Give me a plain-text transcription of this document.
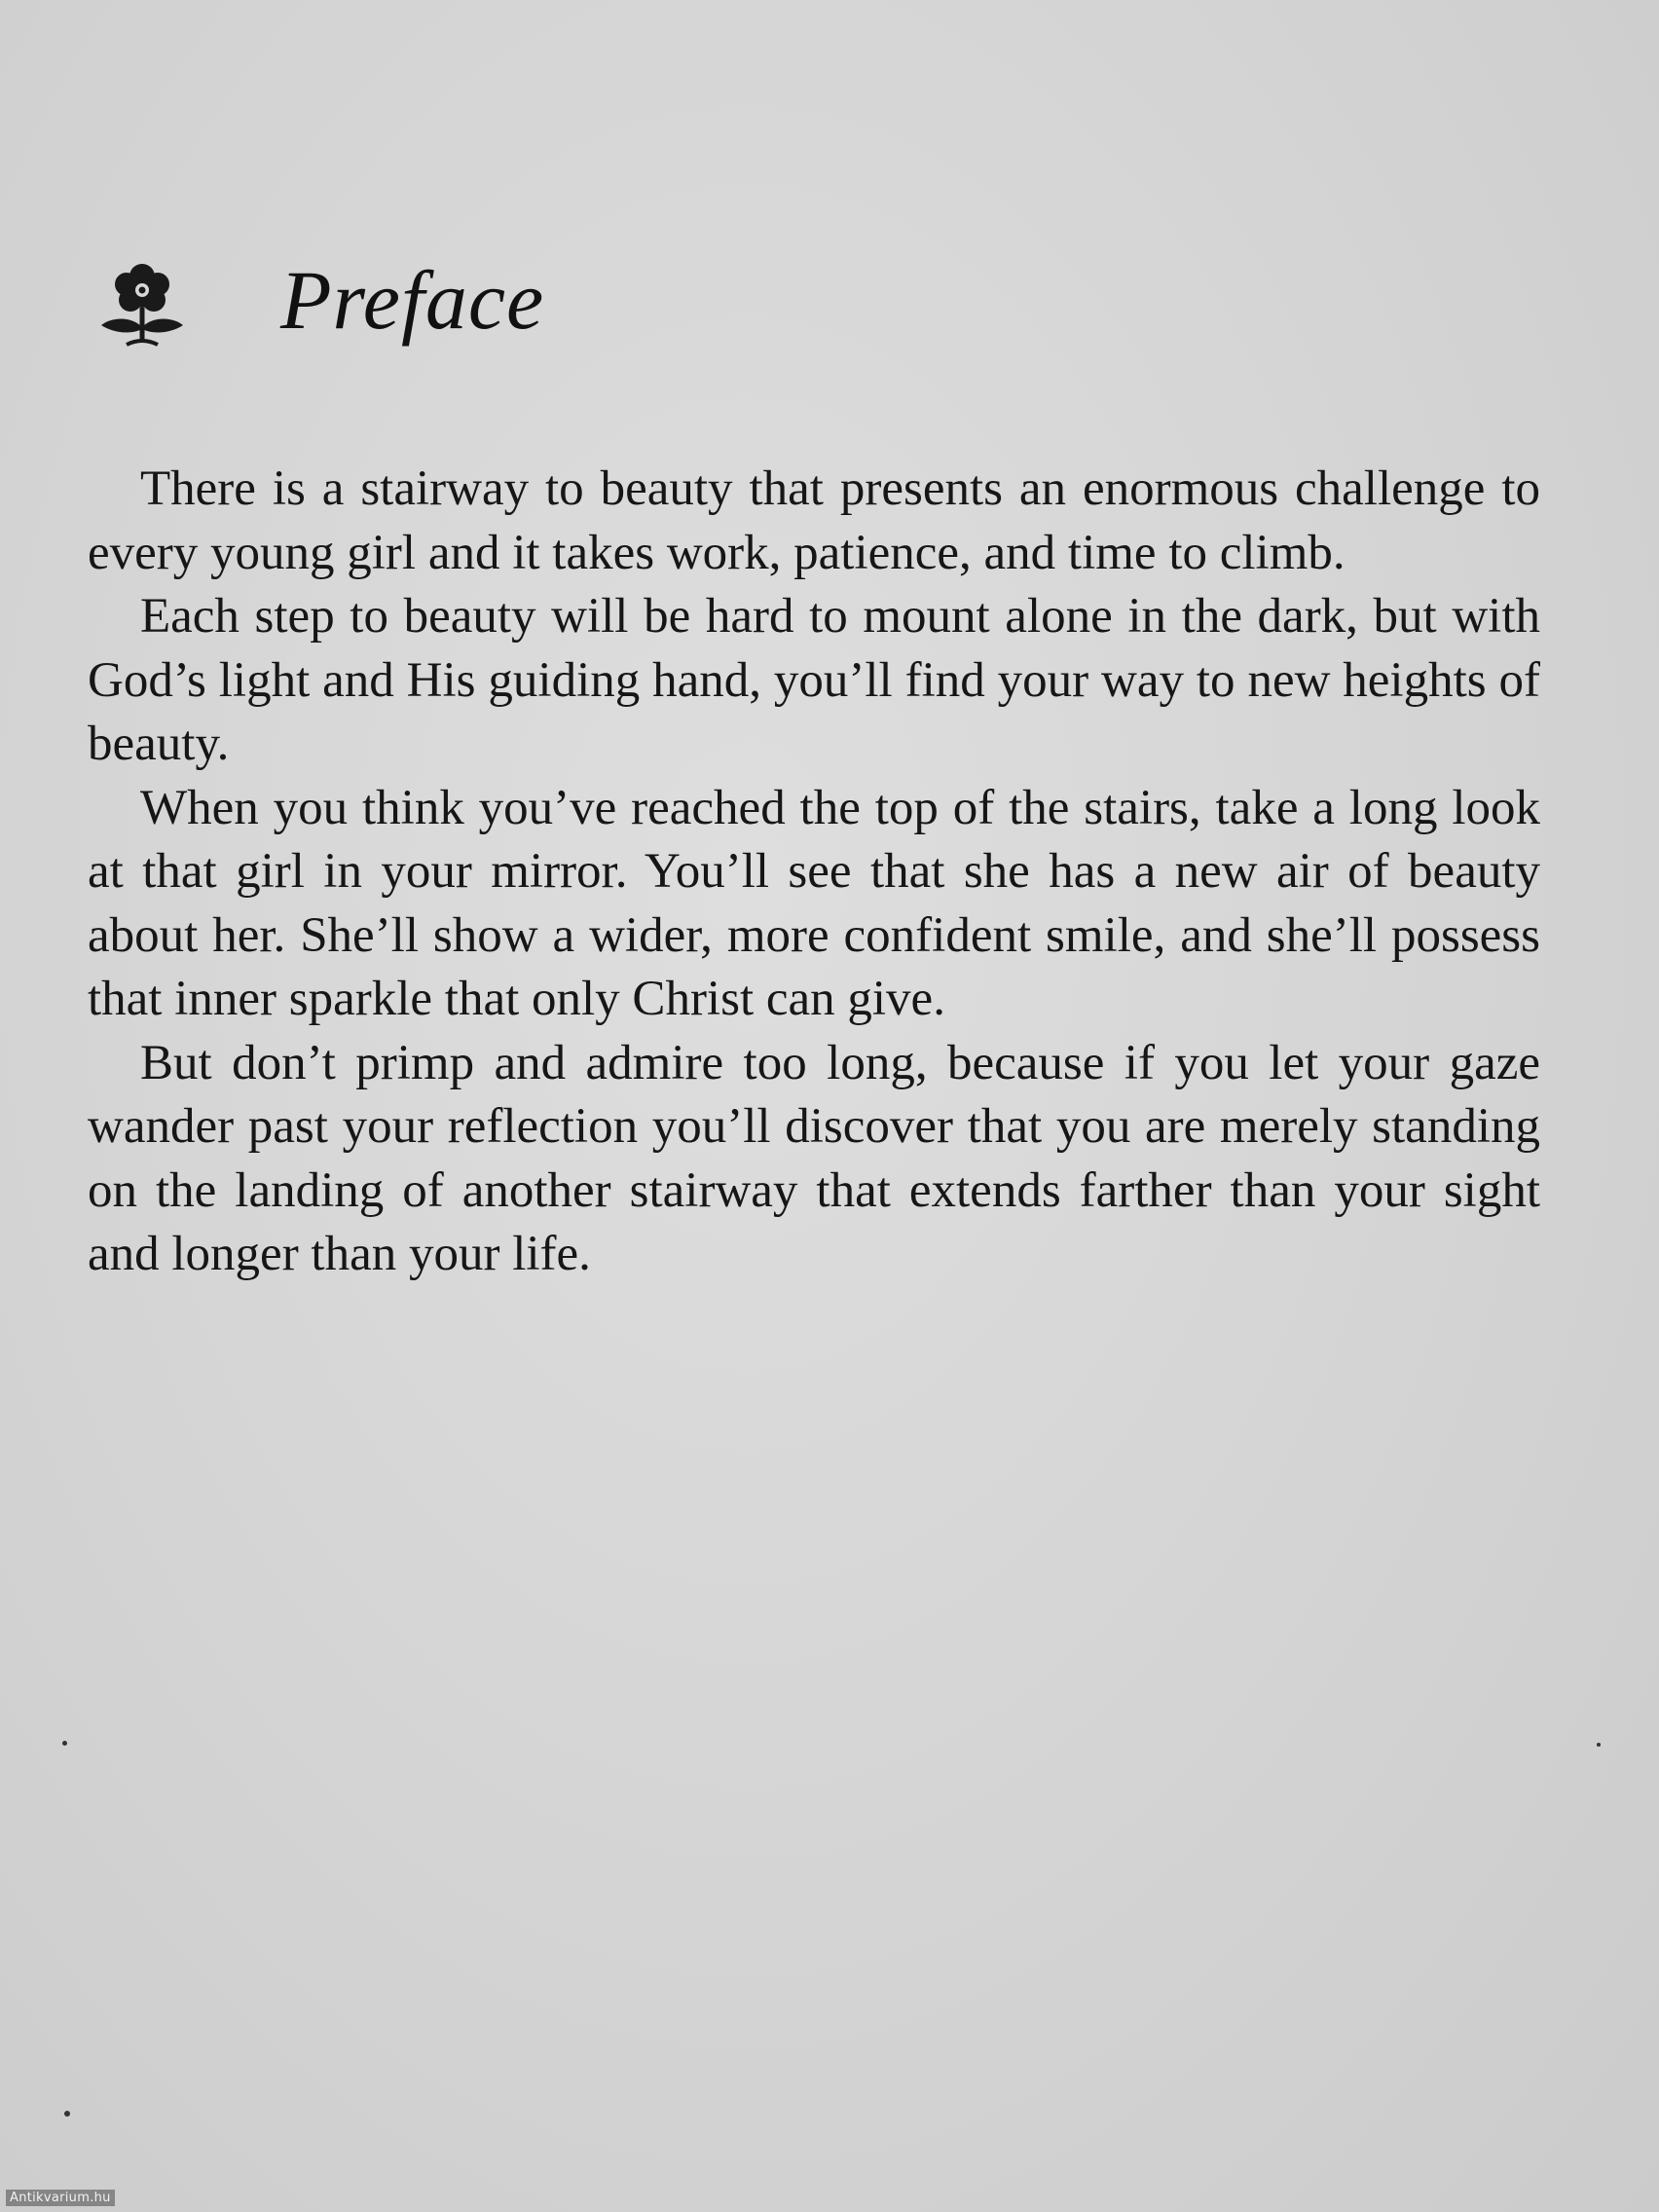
Preface

There is a stairway to beauty that presents an enormous challenge to every young girl and it takes work, patience, and time to climb.

Each step to beauty will be hard to mount alone in the dark, but with God’s light and His guiding hand, you’ll find your way to new heights of beauty.

When you think you’ve reached the top of the stairs, take a long look at that girl in your mirror. You’ll see that she has a new air of beauty about her. She’ll show a wider, more confident smile, and she’ll possess that inner sparkle that only Christ can give.

But don’t primp and admire too long, because if you let your gaze wander past your reflection you’ll discover that you are merely standing on the landing of another stairway that extends farther than your sight and longer than your life.

Antikvarium.hu
